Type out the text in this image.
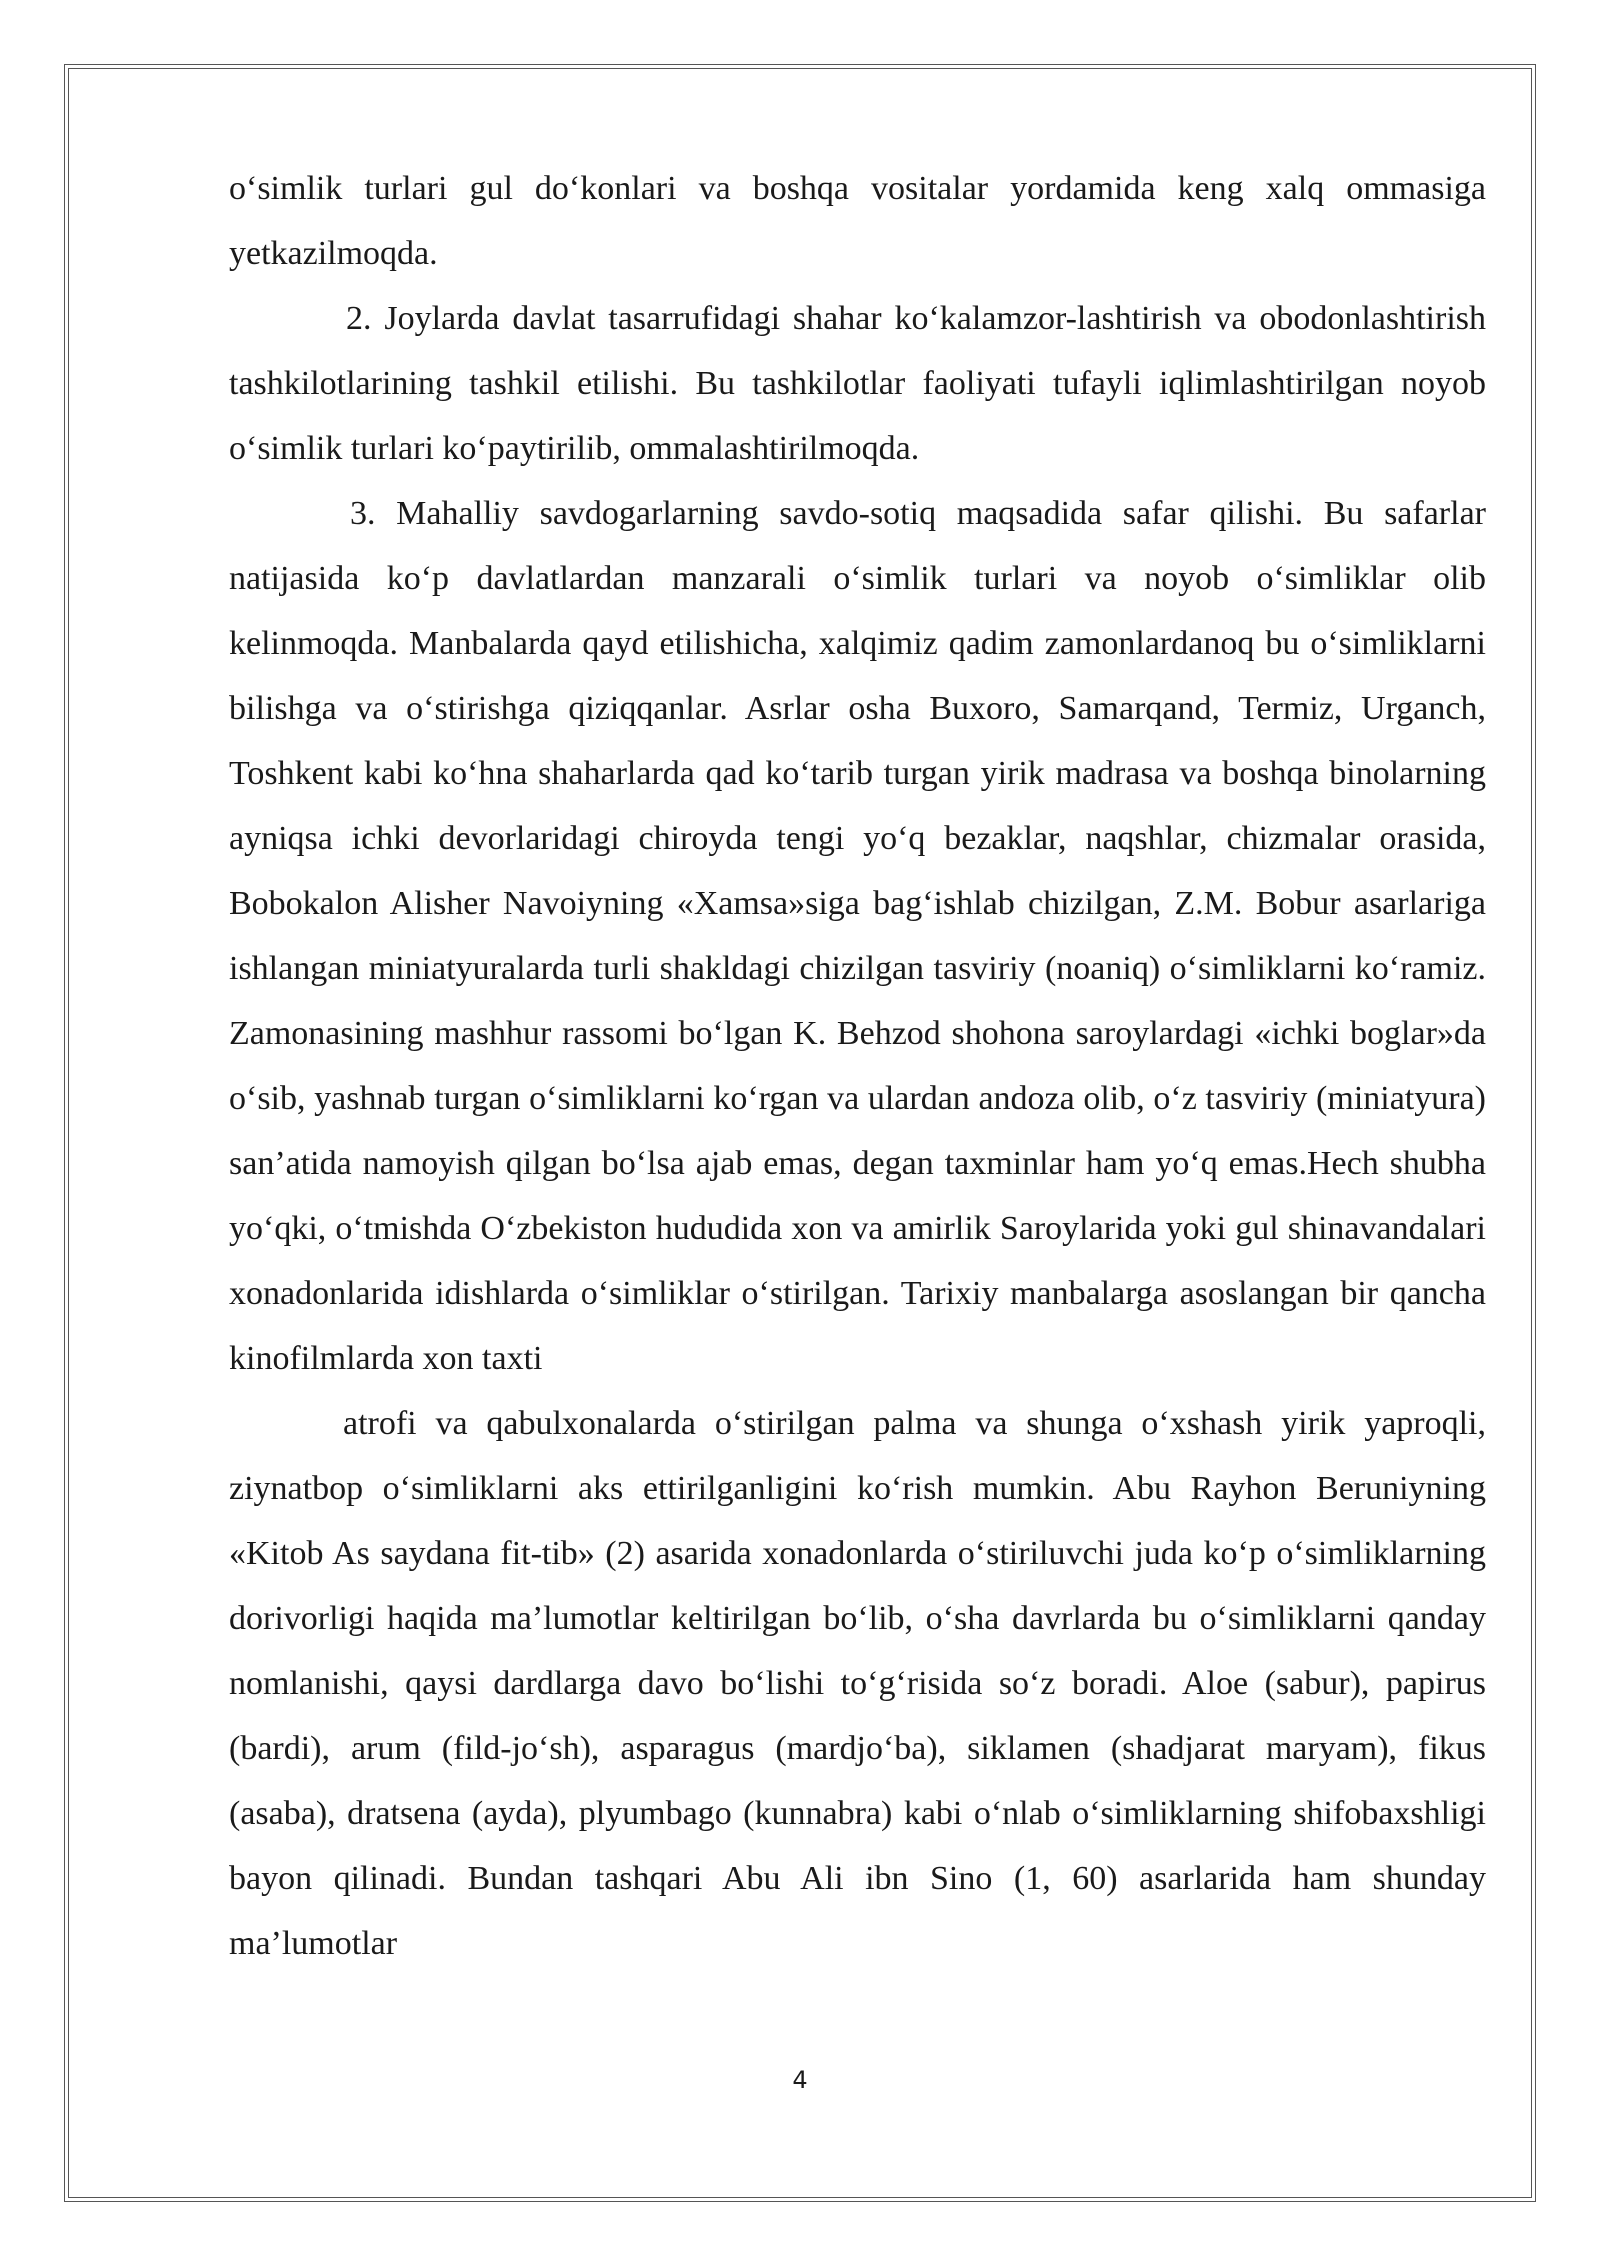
o‘simlik turlari gul do‘konlari va boshqa vositalar yordamida keng xalq ommasiga yetkazilmoqda.

2. Joylarda davlat tasarrufidagi shahar ko‘kalamzor-lashtirish va obodonlashtirish tashkilotlarining tashkil etilishi. Bu tashkilotlar faoliyati tufayli iqlimlashtirilgan noyob o‘simlik turlari ko‘paytirilib, ommalashtirilmoqda.

3. Mahalliy savdogarlarning savdo-sotiq maqsadida safar qilishi. Bu safarlar natijasida ko‘p davlatlardan manzarali o‘simlik turlari va noyob o‘simliklar olib kelinmoqda. Manbalarda qayd etilishicha, xalqimiz qadim zamonlardanoq bu o‘simliklarni bilishga va o‘stirishga qiziqqanlar. Asrlar osha Buxoro, Samarqand, Termiz, Urganch, Toshkent kabi ko‘hna shaharlarda qad ko‘tarib turgan yirik madrasa va boshqa binolarning ayniqsa ichki devorlaridagi chiroyda tengi yo‘q bezaklar, naqshlar, chizmalar orasida, Bobokalon Alisher Navoiyning «Xamsa»siga bag‘ishlab chizilgan, Z.M. Bobur asarlariga ishlangan miniatyuralarda turli shakldagi chizilgan tasviriy (noaniq) o‘simliklarni ko‘ramiz. Zamonasining mashhur rassomi bo‘lgan K. Behzod shohona saroylardagi «ichki boglar»da o‘sib, yashnab turgan o‘simliklarni ko‘rgan va ulardan andoza olib, o‘z tasviriy (miniatyura) san’atida namoyish qilgan bo‘lsa ajab emas, degan taxminlar ham yo‘q emas.Hech shubha yo‘qki, o‘tmishda O‘zbekiston hududida xon va amirlik Saroylarida yoki gul shinavandalari xonadonlarida idishlarda o‘simliklar o‘stirilgan. Tarixiy manbalarga asoslangan bir qancha kinofilmlarda xon taxti

atrofi va qabulxonalarda o‘stirilgan palma va shunga o‘xshash yirik yaproqli, ziynatbop o‘simliklarni aks ettirilganligini ko‘rish mumkin. Abu Rayhon Beruniyning «Kitob As saydana fit-tib» (2) asarida xonadonlarda o‘stiriluvchi juda ko‘p o‘simliklarning dorivorligi haqida ma’lumotlar keltirilgan bo‘lib, o‘sha davrlarda bu o‘simliklarni qanday nomlanishi, qaysi dardlarga davo bo‘lishi to‘g‘risida so‘z boradi. Aloe (sabur), papirus (bardi), arum (fild-jo‘sh), asparagus (mardjo‘ba), siklamen (shadjarat maryam), fikus (asaba), dratsena (ayda), plyumbago (kunnabra) kabi o‘nlab o‘simliklarning shifobaxshligi bayon qilinadi. Bundan tashqari Abu Ali ibn Sino (1, 60) asarlarida ham shunday ma’lumotlar

4
